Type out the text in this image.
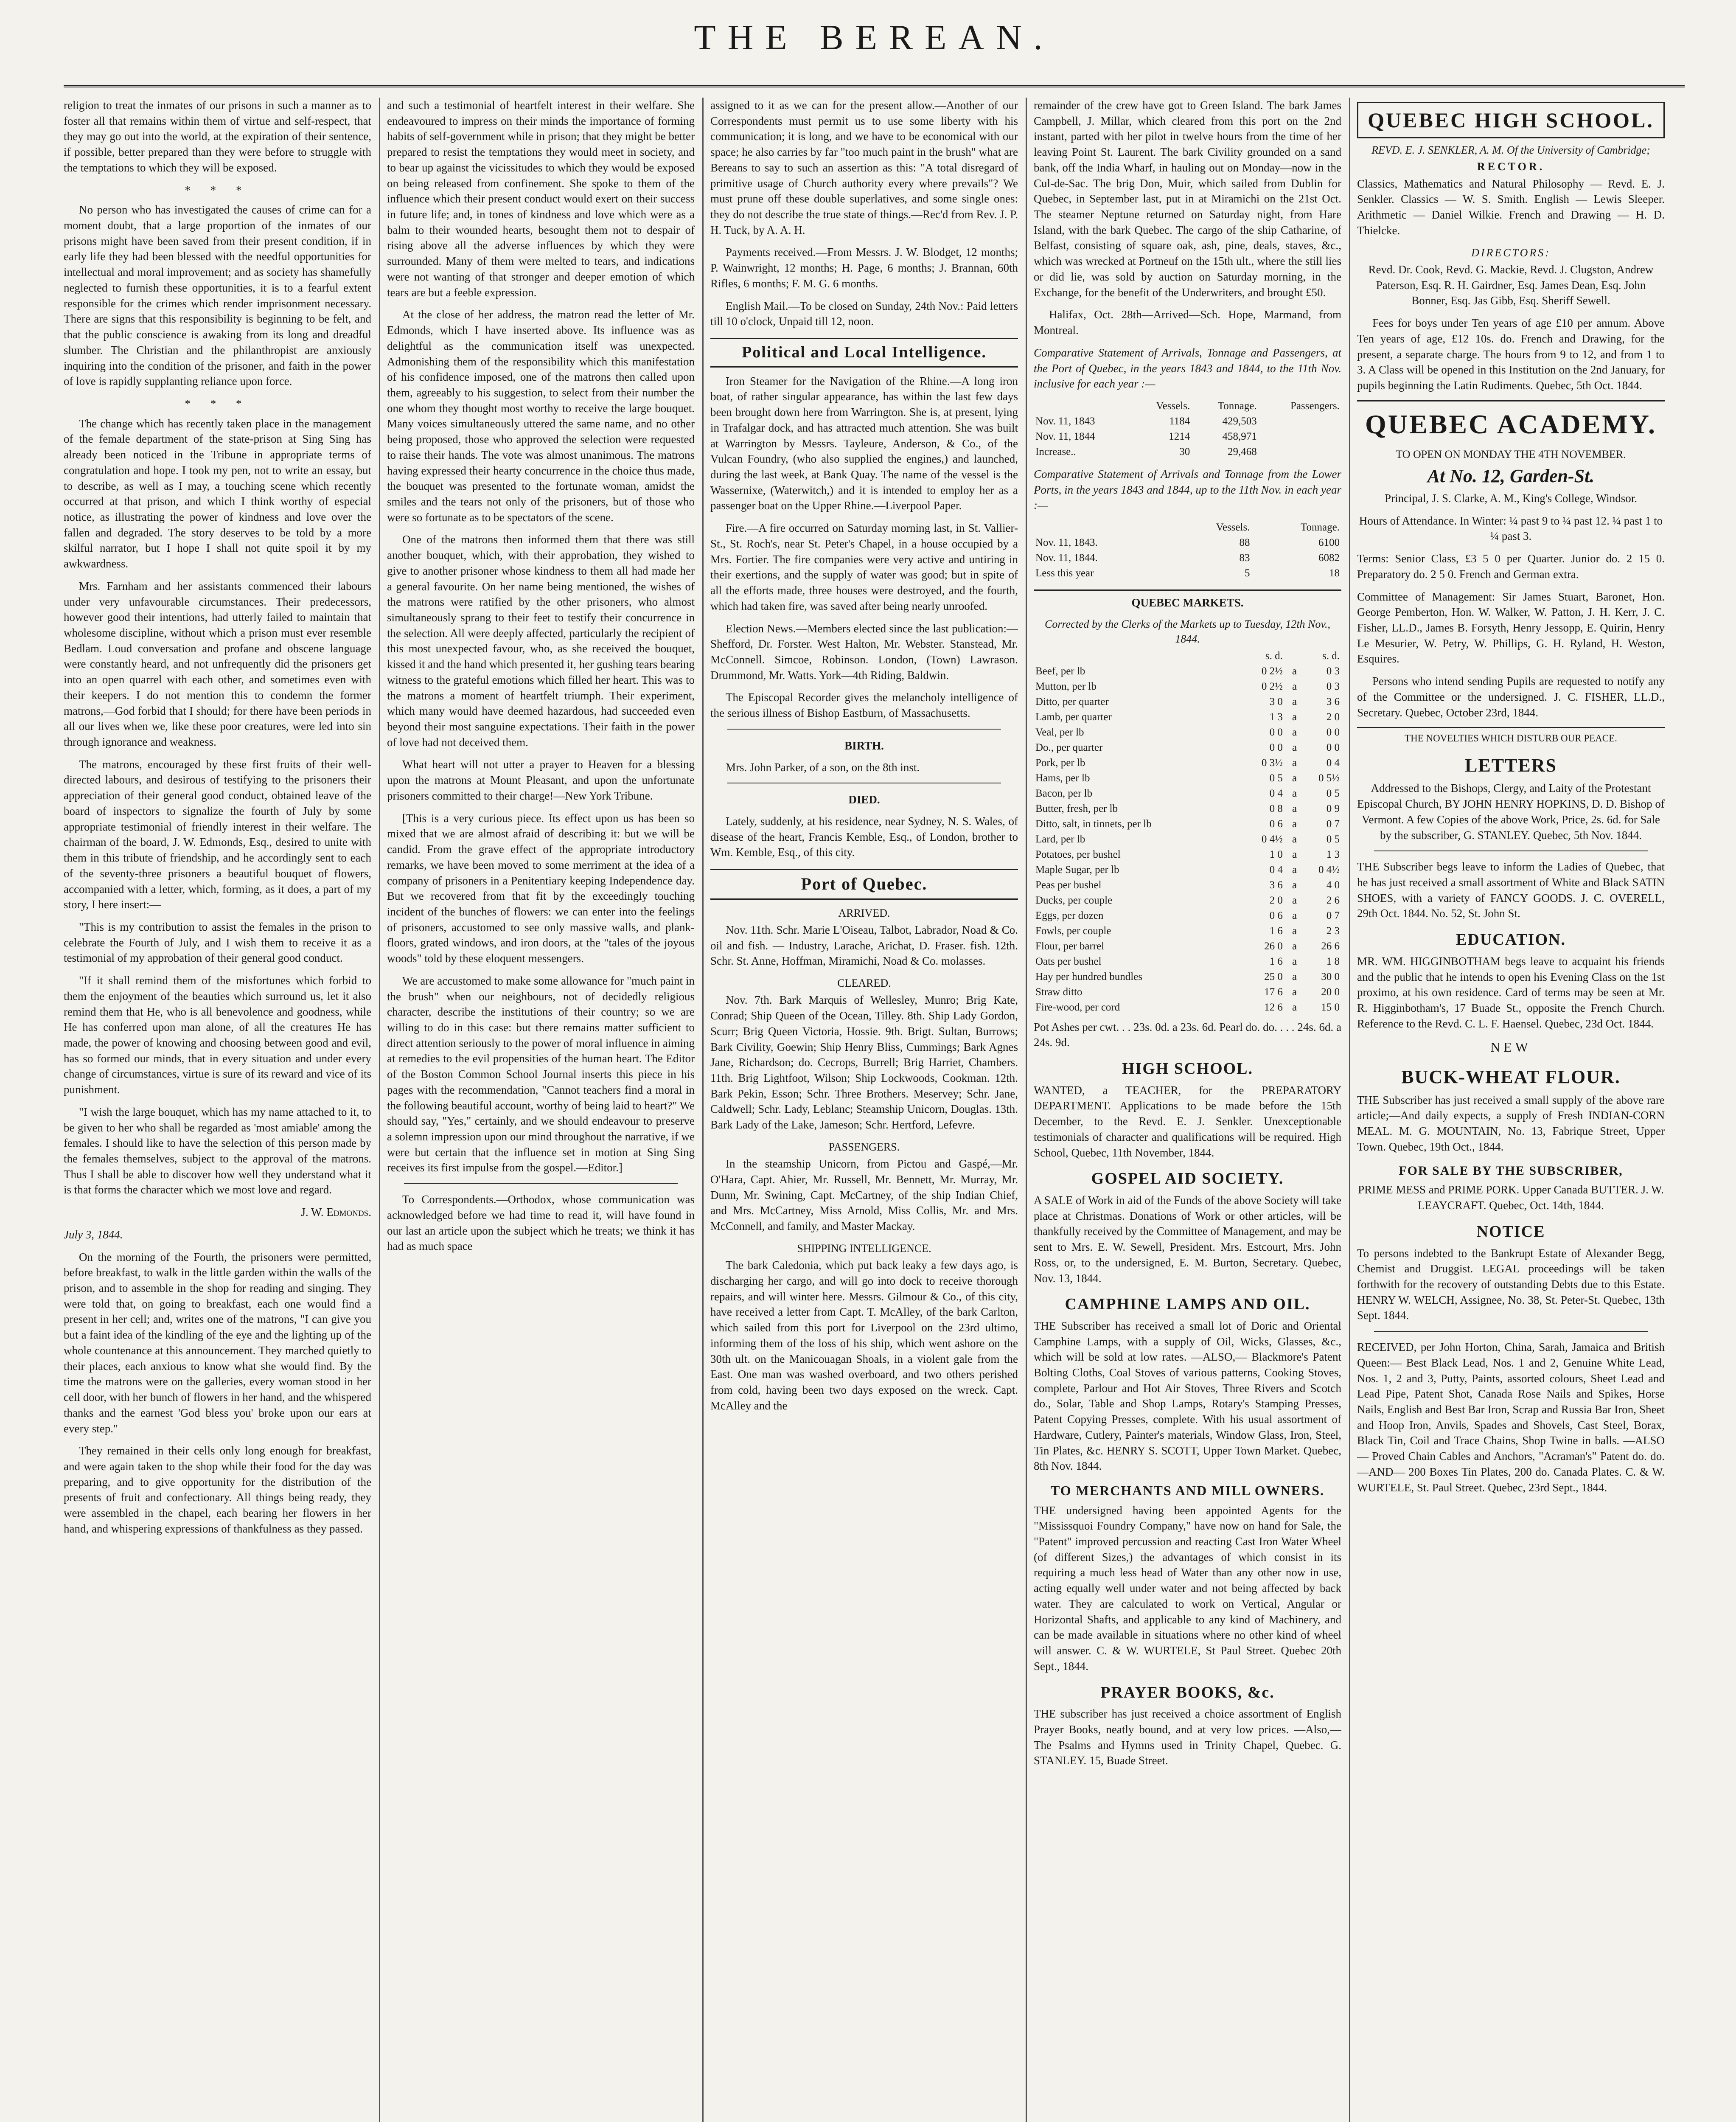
THE BEREAN.

religion to treat the inmates of our prisons in such a manner as to foster all that remains within them of virtue and self-respect, that they may go out into the world, at the expiration of their sentence, if possible, better prepared than they were before to struggle with the temptations to which they will be exposed.

* * *

No person who has investigated the causes of crime can for a moment doubt, that a large proportion of the inmates of our prisons might have been saved from their present condition, if in early life they had been blessed with the needful opportunities for intellectual and moral improvement; and as society has shamefully neglected to furnish these opportunities, it is to a fearful extent responsible for the crimes which render imprisonment necessary. There are signs that this responsibility is beginning to be felt, and that the public conscience is awaking from its long and dreadful slumber. The Christian and the philanthropist are anxiously inquiring into the condition of the prisoner, and faith in the power of love is rapidly supplanting reliance upon force.

* * *

The change which has recently taken place in the management of the female department of the state-prison at Sing Sing has already been noticed in the Tribune in appropriate terms of congratulation and hope. I took my pen, not to write an essay, but to describe, as well as I may, a touching scene which recently occurred at that prison, and which I think worthy of especial notice, as illustrating the power of kindness and love over the fallen and degraded. The story deserves to be told by a more skilful narrator, but I hope I shall not quite spoil it by my awkwardness.

Mrs. Farnham and her assistants commenced their labours under very unfavourable circumstances. Their predecessors, however good their intentions, had utterly failed to maintain that wholesome discipline, without which a prison must ever resemble Bedlam. Loud conversation and profane and obscene language were constantly heard, and not unfrequently did the prisoners get into an open quarrel with each other, and sometimes even with their keepers. I do not mention this to condemn the former matrons,—God forbid that I should; for there have been periods in all our lives when we, like these poor creatures, were led into sin through ignorance and weakness.

The matrons, encouraged by these first fruits of their well-directed labours, and desirous of testifying to the prisoners their appreciation of their general good conduct, obtained leave of the board of inspectors to signalize the fourth of July by some appropriate testimonial of friendly interest in their welfare. The chairman of the board, J. W. Edmonds, Esq., desired to unite with them in this tribute of friendship, and he accordingly sent to each of the seventy-three prisoners a beautiful bouquet of flowers, accompanied with a letter, which, forming, as it does, a part of my story, I here insert:—

"This is my contribution to assist the females in the prison to celebrate the Fourth of July, and I wish them to receive it as a testimonial of my approbation of their general good conduct.

"If it shall remind them of the misfortunes which forbid to them the enjoyment of the beauties which surround us, let it also remind them that He, who is all benevolence and goodness, while He has conferred upon man alone, of all the creatures He has made, the power of knowing and choosing between good and evil, has so formed our minds, that in every situation and under every change of circumstances, virtue is sure of its reward and vice of its punishment.

"I wish the large bouquet, which has my name attached to it, to be given to her who shall be regarded as 'most amiable' among the females. I should like to have the selection of this person made by the females themselves, subject to the approval of the matrons. Thus I shall be able to discover how well they understand what it is that forms the character which we most love and regard.

J. W. Edmonds.

July 3, 1844.

On the morning of the Fourth, the prisoners were permitted, before breakfast, to walk in the little garden within the walls of the prison, and to assemble in the shop for reading and singing. They were told that, on going to breakfast, each one would find a present in her cell; and, writes one of the matrons, "I can give you but a faint idea of the kindling of the eye and the lighting up of the whole countenance at this announcement. They marched quietly to their places, each anxious to know what she would find. By the time the matrons were on the galleries, every woman stood in her cell door, with her bunch of flowers in her hand, and the whispered thanks and the earnest 'God bless you' broke upon our ears at every step."

They remained in their cells only long enough for breakfast, and were again taken to the shop while their food for the day was preparing, and to give opportunity for the distribution of the presents of fruit and confectionary. All things being ready, they were assembled in the chapel, each bearing her flowers in her hand, and whispering expressions of thankfulness as they passed.

and such a testimonial of heartfelt interest in their welfare. She endeavoured to impress on their minds the importance of forming habits of self-government while in prison; that they might be better prepared to resist the temptations they would meet in society, and to bear up against the vicissitudes to which they would be exposed on being released from confinement. She spoke to them of the influence which their present conduct would exert on their success in future life; and, in tones of kindness and love which were as a balm to their wounded hearts, besought them not to despair of rising above all the adverse influences by which they were surrounded. Many of them were melted to tears, and indications were not wanting of that stronger and deeper emotion of which tears are but a feeble expression.

At the close of her address, the matron read the letter of Mr. Edmonds, which I have inserted above. Its influence was as delightful as the communication itself was unexpected. Admonishing them of the responsibility which this manifestation of his confidence imposed, one of the matrons then called upon them, agreeably to his suggestion, to select from their number the one whom they thought most worthy to receive the large bouquet. Many voices simultaneously uttered the same name, and no other being proposed, those who approved the selection were requested to raise their hands. The vote was almost unanimous. The matrons having expressed their hearty concurrence in the choice thus made, the bouquet was presented to the fortunate woman, amidst the smiles and the tears not only of the prisoners, but of those who were so fortunate as to be spectators of the scene.

One of the matrons then informed them that there was still another bouquet, which, with their approbation, they wished to give to another prisoner whose kindness to them all had made her a general favourite. On her name being mentioned, the wishes of the matrons were ratified by the other prisoners, who almost simultaneously sprang to their feet to testify their concurrence in the selection. All were deeply affected, particularly the recipient of this most unexpected favour, who, as she received the bouquet, kissed it and the hand which presented it, her gushing tears bearing witness to the grateful emotions which filled her heart. This was to the matrons a moment of heartfelt triumph. Their experiment, which many would have deemed hazardous, had succeeded even beyond their most sanguine expectations. Their faith in the power of love had not deceived them.

What heart will not utter a prayer to Heaven for a blessing upon the matrons at Mount Pleasant, and upon the unfortunate prisoners committed to their charge!—New York Tribune.

[This is a very curious piece. Its effect upon us has been so mixed that we are almost afraid of describing it: but we will be candid. From the grave effect of the appropriate introductory remarks, we have been moved to some merriment at the idea of a company of prisoners in a Penitentiary keeping Independence day. But we recovered from that fit by the exceedingly touching incident of the bunches of flowers: we can enter into the feelings of prisoners, accustomed to see only massive walls, and plank-floors, grated windows, and iron doors, at the "tales of the joyous woods" told by these eloquent messengers.

We are accustomed to make some allowance for "much paint in the brush" when our neighbours, not of decidedly religious character, describe the institutions of their country; so we are willing to do in this case: but there remains matter sufficient to direct attention seriously to the power of moral influence in aiming at remedies to the evil propensities of the human heart. The Editor of the Boston Common School Journal inserts this piece in his pages with the recommendation, "Cannot teachers find a moral in the following beautiful account, worthy of being laid to heart?" We should say, "Yes," certainly, and we should endeavour to preserve a solemn impression upon our mind throughout the narrative, if we were but certain that the influence set in motion at Sing Sing receives its first impulse from the gospel.—Editor.]

To Correspondents.—Orthodox, whose communication was acknowledged before we had time to read it, will have found in our last an article upon the subject which he treats; we think it has had as much space

assigned to it as we can for the present allow.—Another of our Correspondents must permit us to use some liberty with his communication; it is long, and we have to be economical with our space; he also carries by far "too much paint in the brush" what are Bereans to say to such an assertion as this: "A total disregard of primitive usage of Church authority every where prevails"? We must prune off these double superlatives, and some single ones: they do not describe the true state of things.—Rec'd from Rev. J. P. H. Tuck, by A. A. H.

Payments received.—From Messrs. J. W. Blodget, 12 months; P. Wainwright, 12 months; H. Page, 6 months; J. Brannan, 60th Rifles, 6 months; F. M. G. 6 months.

English Mail.—To be closed on Sunday, 24th Nov.: Paid letters till 10 o'clock, Unpaid till 12, noon.

Political and Local Intelligence.

Iron Steamer for the Navigation of the Rhine.—A long iron boat, of rather singular appearance, has within the last few days been brought down here from Warrington. She is, at present, lying in Trafalgar dock, and has attracted much attention. She was built at Warrington by Messrs. Tayleure, Anderson, & Co., of the Vulcan Foundry, (who also supplied the engines,) and launched, during the last week, at Bank Quay. The name of the vessel is the Wassernixe, (Waterwitch,) and it is intended to employ her as a passenger boat on the Upper Rhine.—Liverpool Paper.

Fire.—A fire occurred on Saturday morning last, in St. Vallier-St., St. Roch's, near St. Peter's Chapel, in a house occupied by a Mrs. Fortier. The fire companies were very active and untiring in their exertions, and the supply of water was good; but in spite of all the efforts made, three houses were destroyed, and the fourth, which had taken fire, was saved after being nearly unroofed.

Election News.—Members elected since the last publication:— Shefford, Dr. Forster. West Halton, Mr. Webster. Stanstead, Mr. McConnell. Simcoe, Robinson. London, (Town) Lawrason. Drummond, Mr. Watts. York—4th Riding, Baldwin.

The Episcopal Recorder gives the melancholy intelligence of the serious illness of Bishop Eastburn, of Massachusetts.

BIRTH.

Mrs. John Parker, of a son, on the 8th inst.

DIED.

Lately, suddenly, at his residence, near Sydney, N. S. Wales, of disease of the heart, Francis Kemble, Esq., of London, brother to Wm. Kemble, Esq., of this city.

Port of Quebec.
ARRIVED.

Nov. 11th. Schr. Marie L'Oiseau, Talbot, Labrador, Noad & Co. oil and fish. — Industry, Larache, Arichat, D. Fraser. fish. 12th. Schr. St. Anne, Hoffman, Miramichi, Noad & Co. molasses.

CLEARED.

Nov. 7th. Bark Marquis of Wellesley, Munro; Brig Kate, Conrad; Ship Queen of the Ocean, Tilley. 8th. Ship Lady Gordon, Scurr; Brig Queen Victoria, Hossie. 9th. Brigt. Sultan, Burrows; Bark Civility, Goewin; Ship Henry Bliss, Cummings; Bark Agnes Jane, Richardson; do. Cecrops, Burrell; Brig Harriet, Chambers. 11th. Brig Lightfoot, Wilson; Ship Lockwoods, Cookman. 12th. Bark Pekin, Esson; Schr. Three Brothers. Meservey; Schr. Jane, Caldwell; Schr. Lady, Leblanc; Steamship Unicorn, Douglas. 13th. Bark Lady of the Lake, Jameson; Schr. Hertford, Lefevre.

PASSENGERS.

In the steamship Unicorn, from Pictou and Gaspé,—Mr. O'Hara, Capt. Ahier, Mr. Russell, Mr. Bennett, Mr. Murray, Mr. Dunn, Mr. Swining, Capt. McCartney, of the ship Indian Chief, and Mrs. McCartney, Miss Arnold, Miss Collis, Mr. and Mrs. McConnell, and family, and Master Mackay.

SHIPPING INTELLIGENCE.

The bark Caledonia, which put back leaky a few days ago, is discharging her cargo, and will go into dock to receive thorough repairs, and will winter here. Messrs. Gilmour & Co., of this city, have received a letter from Capt. T. McAlley, of the bark Carlton, which sailed from this port for Liverpool on the 23rd ultimo, informing them of the loss of his ship, which went ashore on the 30th ult. on the Manicouagan Shoals, in a violent gale from the East. One man was washed overboard, and two others perished from cold, having been two days exposed on the wreck. Capt. McAlley and the

remainder of the crew have got to Green Island. The bark James Campbell, J. Millar, which cleared from this port on the 2nd instant, parted with her pilot in twelve hours from the time of her leaving Point St. Laurent. The bark Civility grounded on a sand bank, off the India Wharf, in hauling out on Monday—now in the Cul-de-Sac. The brig Don, Muir, which sailed from Dublin for Quebec, in September last, put in at Miramichi on the 21st Oct. The steamer Neptune returned on Saturday night, from Hare Island, with the bark Quebec. The cargo of the ship Catharine, of Belfast, consisting of square oak, ash, pine, deals, staves, &c., which was wrecked at Portneuf on the 15th ult., where the still lies or did lie, was sold by auction on Saturday morning, in the Exchange, for the benefit of the Underwriters, and brought £50.

Halifax, Oct. 28th—Arrived—Sch. Hope, Marmand, from Montreal.

Comparative Statement of Arrivals, Tonnage and Passengers, at the Port of Quebec, in the years 1843 and 1844, to the 11th Nov. inclusive for each year :—

	Vessels.	Tonnage.	Passengers.
Nov. 11, 1843	1184	429,503	
Nov. 11, 1844	1214	458,971	
Increase..	30	29,468	

Comparative Statement of Arrivals and Tonnage from the Lower Ports, in the years 1843 and 1844, up to the 11th Nov. in each year :—

	Vessels.	Tonnage.
Nov. 11, 1843.	88	6100
Nov. 11, 1844.	83	6082
Less this year	5	18
QUEBEC MARKETS.
Corrected by the Clerks of the Markets up to Tuesday, 12th Nov., 1844.
	s. d.		s. d.
Beef, per lb	0 2½	a	0 3
Mutton, per lb	0 2½	a	0 3
Ditto, per quarter	3 0	a	3 6
Lamb, per quarter	1 3	a	2 0
Veal, per lb	0 0	a	0 0
Do., per quarter	0 0	a	0 0
Pork, per lb	0 3½	a	0 4
Hams, per lb	0 5	a	0 5½
Bacon, per lb	0 4	a	0 5
Butter, fresh, per lb	0 8	a	0 9
Ditto, salt, in tinnets, per lb	0 6	a	0 7
Lard, per lb	0 4½	a	0 5
Potatoes, per bushel	1 0	a	1 3
Maple Sugar, per lb	0 4	a	0 4½
Peas per bushel	3 6	a	4 0
Ducks, per couple	2 0	a	2 6
Eggs, per dozen	0 6	a	0 7
Fowls, per couple	1 6	a	2 3
Flour, per barrel	26 0	a	26 6
Oats per bushel	1 6	a	1 8
Hay per hundred bundles	25 0	a	30 0
Straw ditto	17 6	a	20 0
Fire-wood, per cord	12 6	a	15 0

Pot Ashes per cwt. . . 23s. 0d. a 23s. 6d. Pearl do. do. . . . 24s. 6d. a 24s. 9d.

HIGH SCHOOL.

WANTED, a TEACHER, for the PREPARATORY DEPARTMENT. Applications to be made before the 15th December, to the Revd. E. J. Senkler. Unexceptionable testimonials of character and qualifications will be required. High School, Quebec, 11th November, 1844.

GOSPEL AID SOCIETY.

A SALE of Work in aid of the Funds of the above Society will take place at Christmas. Donations of Work or other articles, will be thankfully received by the Committee of Management, and may be sent to Mrs. E. W. Sewell, President. Mrs. Estcourt, Mrs. John Ross, or, to the undersigned, E. M. Burton, Secretary. Quebec, Nov. 13, 1844.

CAMPHINE LAMPS AND OIL.

THE Subscriber has received a small lot of Doric and Oriental Camphine Lamps, with a supply of Oil, Wicks, Glasses, &c., which will be sold at low rates. —ALSO,— Blackmore's Patent Bolting Cloths, Coal Stoves of various patterns, Cooking Stoves, complete, Parlour and Hot Air Stoves, Three Rivers and Scotch do., Solar, Table and Shop Lamps, Rotary's Stamping Presses, Patent Copying Presses, complete. With his usual assortment of Hardware, Cutlery, Painter's materials, Window Glass, Iron, Steel, Tin Plates, &c. HENRY S. SCOTT, Upper Town Market. Quebec, 8th Nov. 1844.

TO MERCHANTS AND MILL OWNERS.

THE undersigned having been appointed Agents for the "Mississquoi Foundry Company," have now on hand for Sale, the "Patent" improved percussion and reacting Cast Iron Water Wheel (of different Sizes,) the advantages of which consist in its requiring a much less head of Water than any other now in use, acting equally well under water and not being affected by back water. They are calculated to work on Vertical, Angular or Horizontal Shafts, and applicable to any kind of Machinery, and can be made available in situations where no other kind of wheel will answer. C. & W. WURTELE, St Paul Street. Quebec 20th Sept., 1844.

PRAYER BOOKS, &c.

THE subscriber has just received a choice assortment of English Prayer Books, neatly bound, and at very low prices. —Also,— The Psalms and Hymns used in Trinity Chapel, Quebec. G. STANLEY. 15, Buade Street.

QUEBEC HIGH SCHOOL.
REVD. E. J. SENKLER, A. M. Of the University of Cambridge;
RECTOR.

Classics, Mathematics and Natural Philosophy — Revd. E. J. Senkler. Classics — W. S. Smith. English — Lewis Sleeper. Arithmetic — Daniel Wilkie. French and Drawing — H. D. Thielcke.

DIRECTORS:

Revd. Dr. Cook, Revd. G. Mackie, Revd. J. Clugston, Andrew Paterson, Esq. R. H. Gairdner, Esq. James Dean, Esq. John Bonner, Esq. Jas Gibb, Esq. Sheriff Sewell.

Fees for boys under Ten years of age £10 per annum. Above Ten years of age, £12 10s. do. French and Drawing, for the present, a separate charge. The hours from 9 to 12, and from 1 to 3. A Class will be opened in this Institution on the 2nd January, for pupils beginning the Latin Rudiments. Quebec, 5th Oct. 1844.

QUEBEC ACADEMY.
TO OPEN ON MONDAY THE 4TH NOVEMBER.
At No. 12, Garden-St.

Principal, J. S. Clarke, A. M., King's College, Windsor.

Hours of Attendance. In Winter: ¼ past 9 to ¼ past 12. ¼ past 1 to ¼ past 3.

Terms: Senior Class, £3 5 0 per Quarter. Junior do. 2 15 0. Preparatory do. 2 5 0. French and German extra.

Committee of Management: Sir James Stuart, Baronet, Hon. George Pemberton, Hon. W. Walker, W. Patton, J. H. Kerr, J. C. Fisher, LL.D., James B. Forsyth, Henry Jessopp, E. Quirin, Henry Le Mesurier, W. Petry, W. Phillips, G. H. Ryland, H. Weston, Esquires.

Persons who intend sending Pupils are requested to notify any of the Committee or the undersigned. J. C. FISHER, LL.D., Secretary. Quebec, October 23rd, 1844.

THE NOVELTIES WHICH DISTURB OUR PEACE.
LETTERS

Addressed to the Bishops, Clergy, and Laity of the Protestant Episcopal Church, BY JOHN HENRY HOPKINS, D. D. Bishop of Vermont. A few Copies of the above Work, Price, 2s. 6d. for Sale by the subscriber, G. STANLEY. Quebec, 5th Nov. 1844.

THE Subscriber begs leave to inform the Ladies of Quebec, that he has just received a small assortment of White and Black SATIN SHOES, with a variety of FANCY GOODS. J. C. OVERELL, 29th Oct. 1844. No. 52, St. John St.

EDUCATION.

MR. WM. HIGGINBOTHAM begs leave to acquaint his friends and the public that he intends to open his Evening Class on the 1st proximo, at his own residence. Card of terms may be seen at Mr. R. Higginbotham's, 17 Buade St., opposite the French Church. Reference to the Revd. C. L. F. Haensel. Quebec, 23d Oct. 1844.

NEW
BUCK-WHEAT FLOUR.

THE Subscriber has just received a small supply of the above rare article;—And daily expects, a supply of Fresh INDIAN-CORN MEAL. M. G. MOUNTAIN, No. 13, Fabrique Street, Upper Town. Quebec, 19th Oct., 1844.

FOR SALE BY THE SUBSCRIBER,

PRIME MESS and PRIME PORK. Upper Canada BUTTER. J. W. LEAYCRAFT. Quebec, Oct. 14th, 1844.

NOTICE

To persons indebted to the Bankrupt Estate of Alexander Begg, Chemist and Druggist. LEGAL proceedings will be taken forthwith for the recovery of outstanding Debts due to this Estate. HENRY W. WELCH, Assignee, No. 38, St. Peter-St. Quebec, 13th Sept. 1844.

RECEIVED, per John Horton, China, Sarah, Jamaica and British Queen:— Best Black Lead, Nos. 1 and 2, Genuine White Lead, Nos. 1, 2 and 3, Putty, Paints, assorted colours, Sheet Lead and Lead Pipe, Patent Shot, Canada Rose Nails and Spikes, Horse Nails, English and Best Bar Iron, Scrap and Russia Bar Iron, Sheet and Hoop Iron, Anvils, Spades and Shovels, Cast Steel, Borax, Black Tin, Coil and Trace Chains, Shop Twine in balls. —ALSO— Proved Chain Cables and Anchors, "Acraman's" Patent do. do. —AND— 200 Boxes Tin Plates, 200 do. Canada Plates. C. & W. WURTELE, St. Paul Street. Quebec, 23rd Sept., 1844.
